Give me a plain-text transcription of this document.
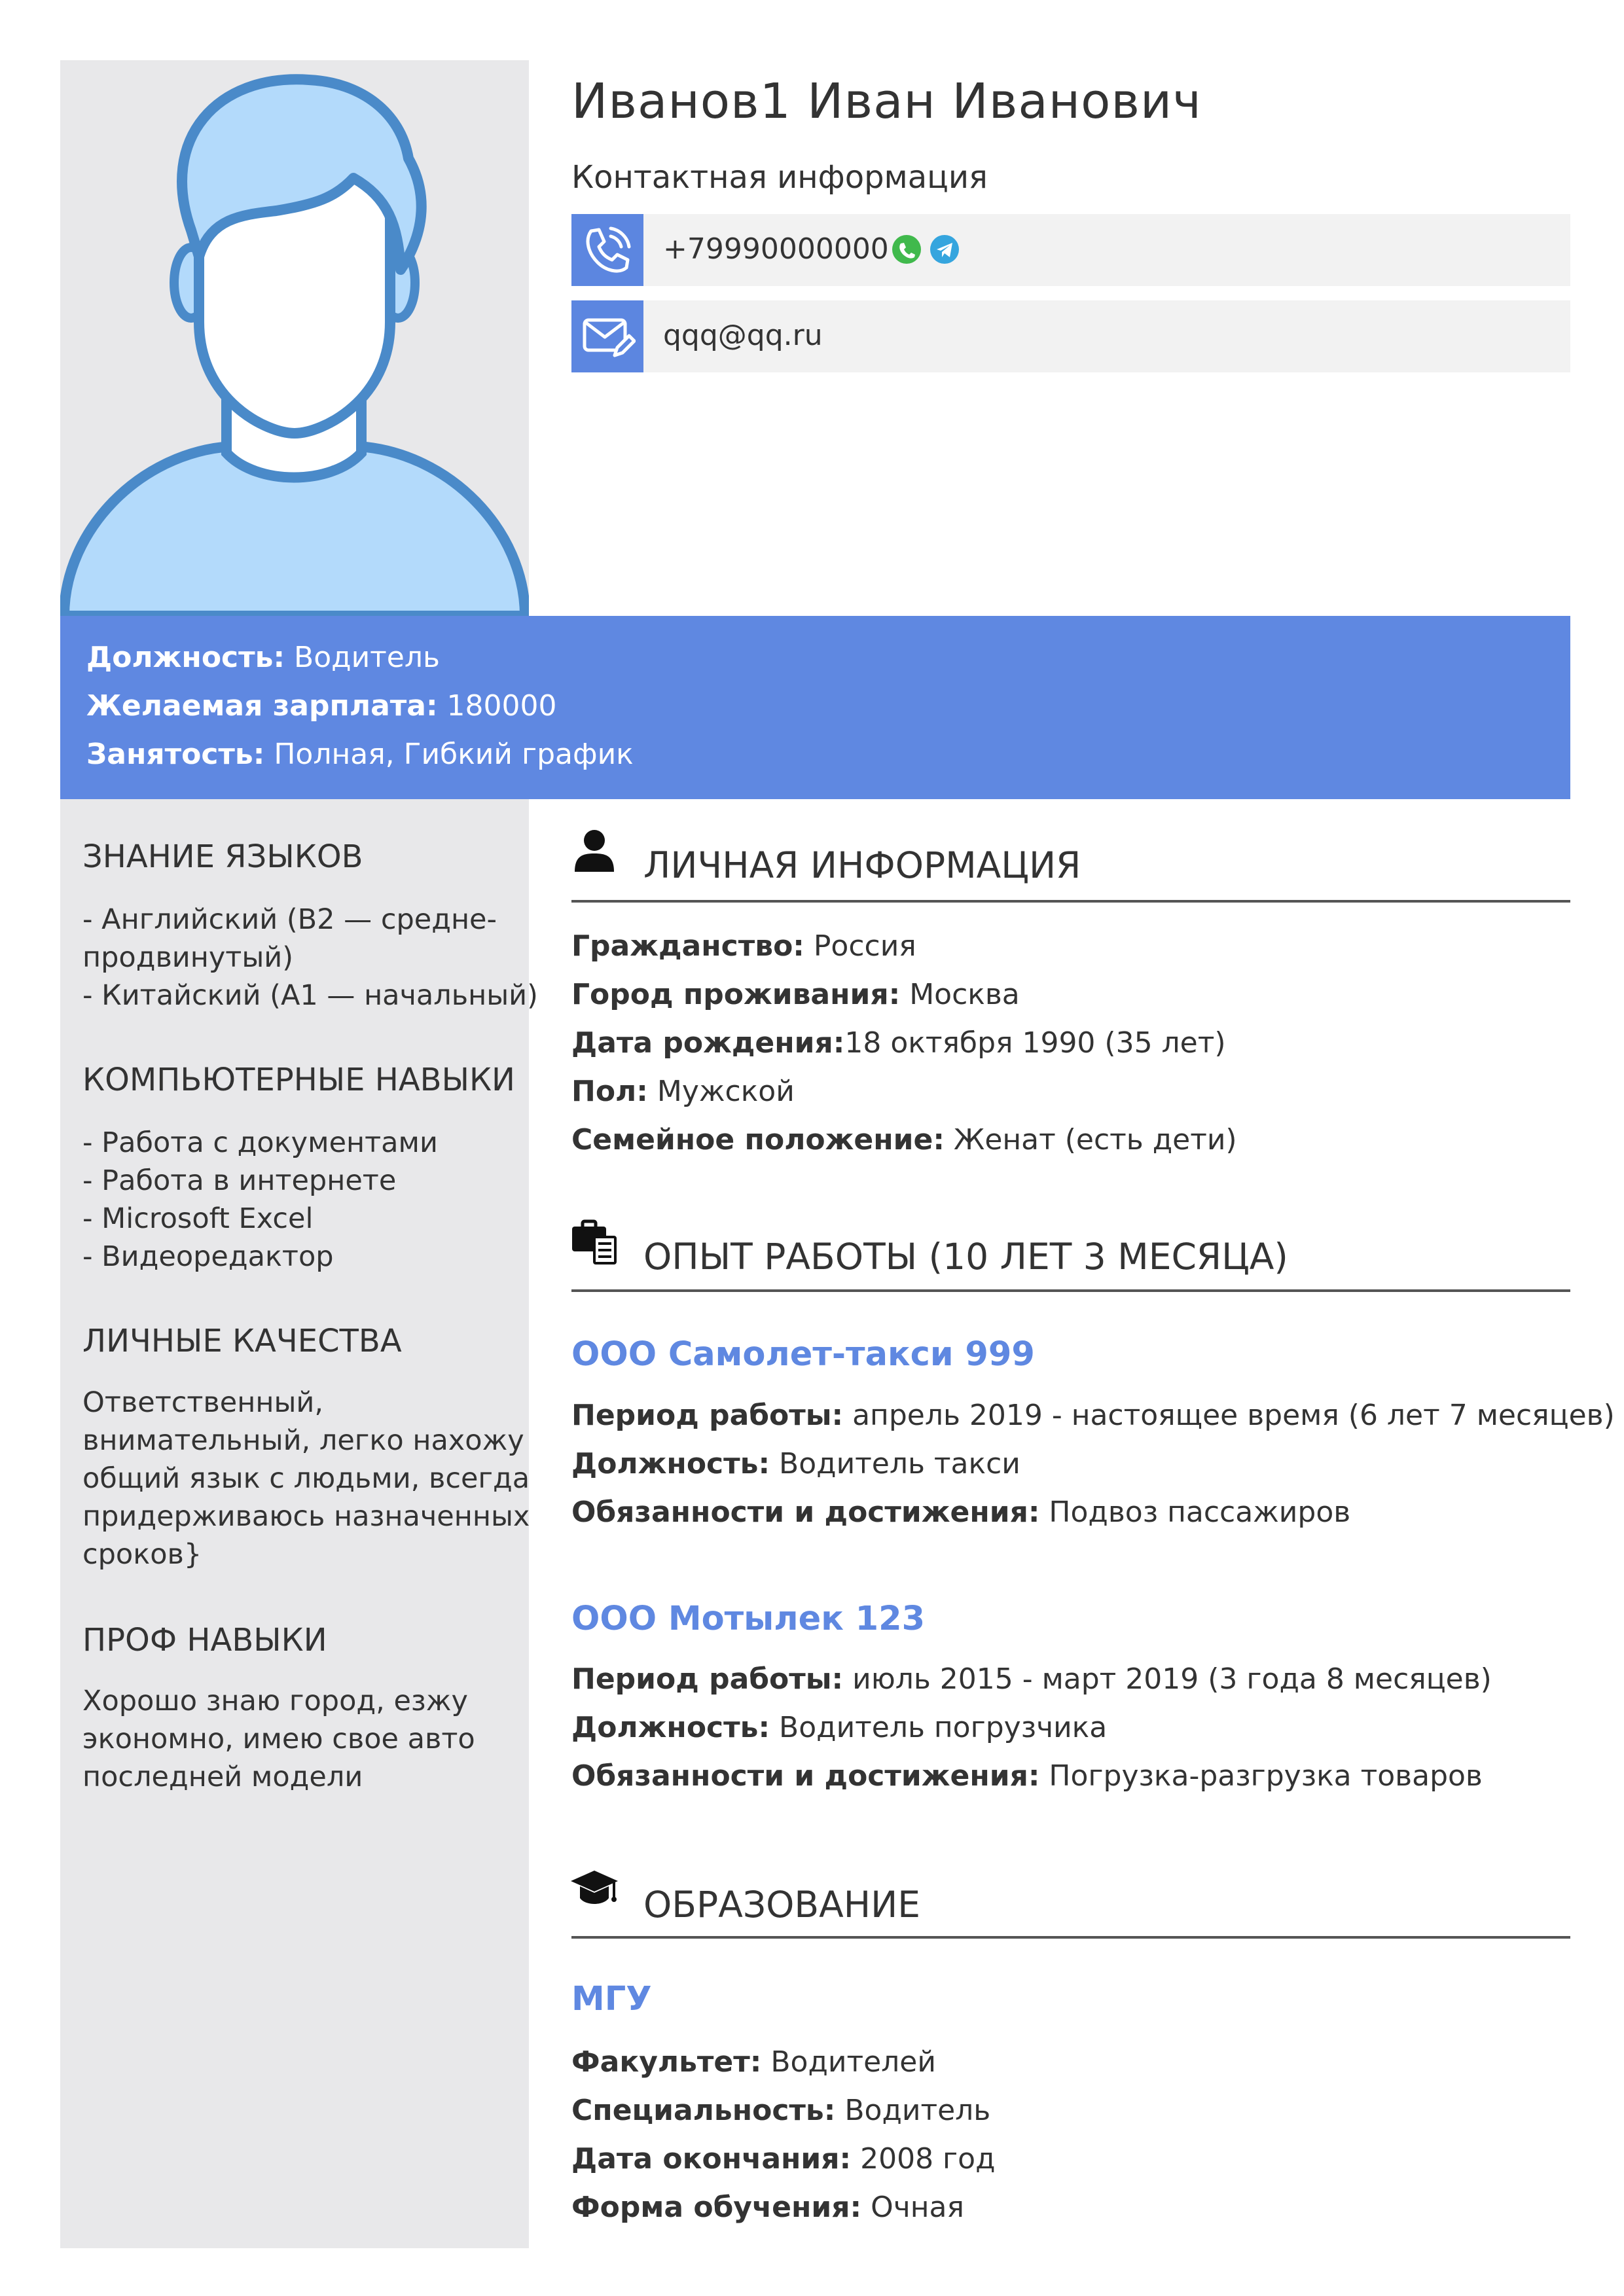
Иванов1 Иван Иванович
Контактная информация
+79990000000
qqq@qq.ru
Должность: Водитель
Желаемая зарплата: 180000
Занятость: Полная, Гибкий график
ЗНАНИЕ ЯЗЫКОВ
- Английский (B2 — средне-
продвинутый)
- Китайский (A1 — начальный)
КОМПЬЮТЕРНЫЕ НАВЫКИ
- Работа с документами
- Работа в интернете
- Microsoft Excel
- Видеоредактор
ЛИЧНЫЕ КАЧЕСТВА
Ответственный,
внимательный, легко нахожу
общий язык с людьми, всегда
придерживаюсь назначенных
сроков}
ПРОФ НАВЫКИ
Хорошо знаю город, езжу
экономно, имею свое авто
последней модели
ЛИЧНАЯ ИНФОРМАЦИЯ
Гражданство: Россия
Город проживания: Москва
Дата рождения:18 октября 1990 (35 лет)
Пол: Мужской
Семейное положение: Женат (есть дети)
ОПЫТ РАБОТЫ (10 ЛЕТ 3 МЕСЯЦА)
ООО Самолет-такси 999
Период работы: апрель 2019 - настоящее время (6 лет 7 месяцев)
Должность: Водитель такси
Обязанности и достижения: Подвоз пассажиров
ООО Мотылек 123
Период работы: июль 2015 - март 2019 (3 года 8 месяцев)
Должность: Водитель погрузчика
Обязанности и достижения: Погрузка-разгрузка товаров
ОБРАЗОВАНИЕ
МГУ
Факультет: Водителей
Специальность: Водитель
Дата окончания: 2008 год
Форма обучения: Очная
